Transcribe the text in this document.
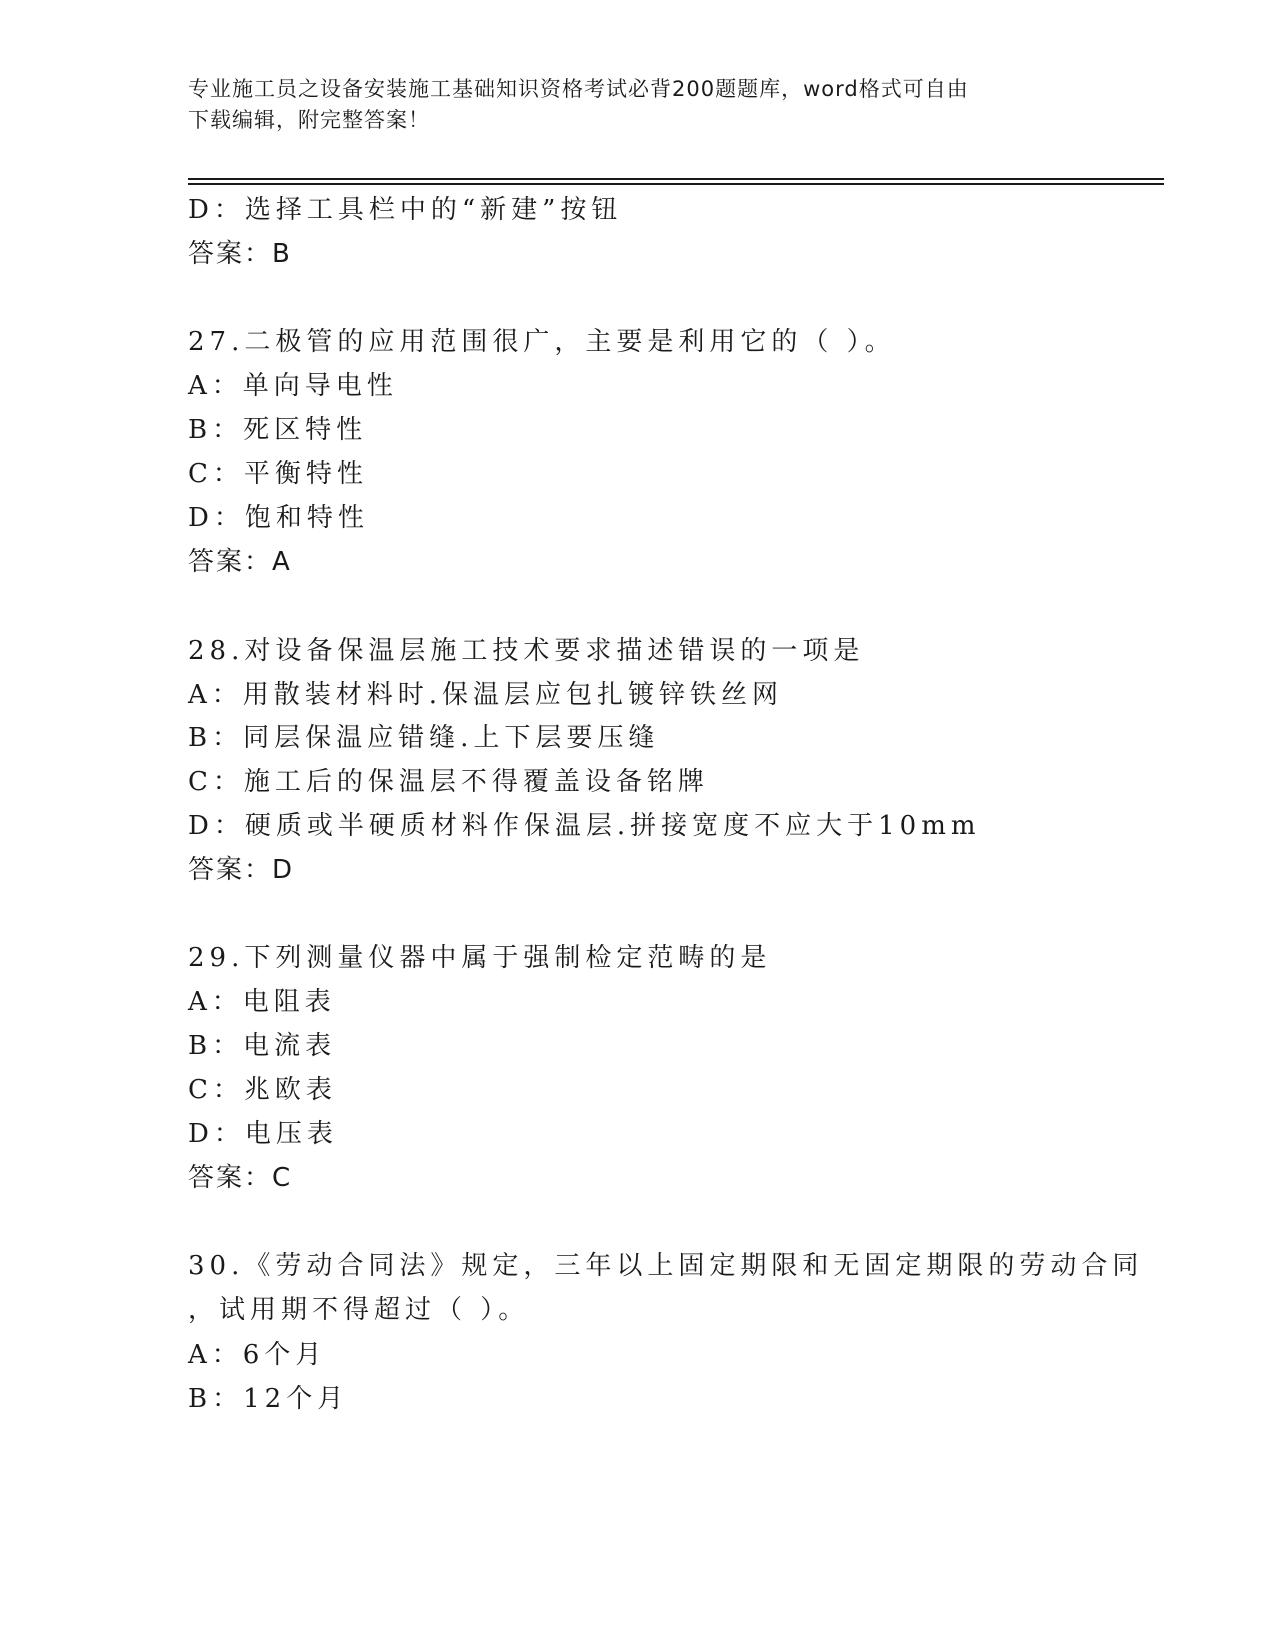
专业施工员之设备安装施工基础知识资格考试必背200题题库，word格式可自由
下载编辑，附完整答案！
D：选择工具栏中的“新建”按钮
答案：B
27.二极管的应用范围很广，主要是利用它的（ ）。
A：单向导电性
B：死区特性
C：平衡特性
D：饱和特性
答案：A
28.对设备保温层施工技术要求描述错误的一项是
A：用散装材料时.保温层应包扎镀锌铁丝网
B：同层保温应错缝.上下层要压缝
C：施工后的保温层不得覆盖设备铭牌
D：硬质或半硬质材料作保温层.拼接宽度不应大于10mm
答案：D
29.下列测量仪器中属于强制检定范畴的是
A：电阻表
B：电流表
C：兆欧表
D：电压表
答案：C
30.《劳动合同法》规定，三年以上固定期限和无固定期限的劳动合同
，试用期不得超过（ ）。
A：6个月
B：12个月
